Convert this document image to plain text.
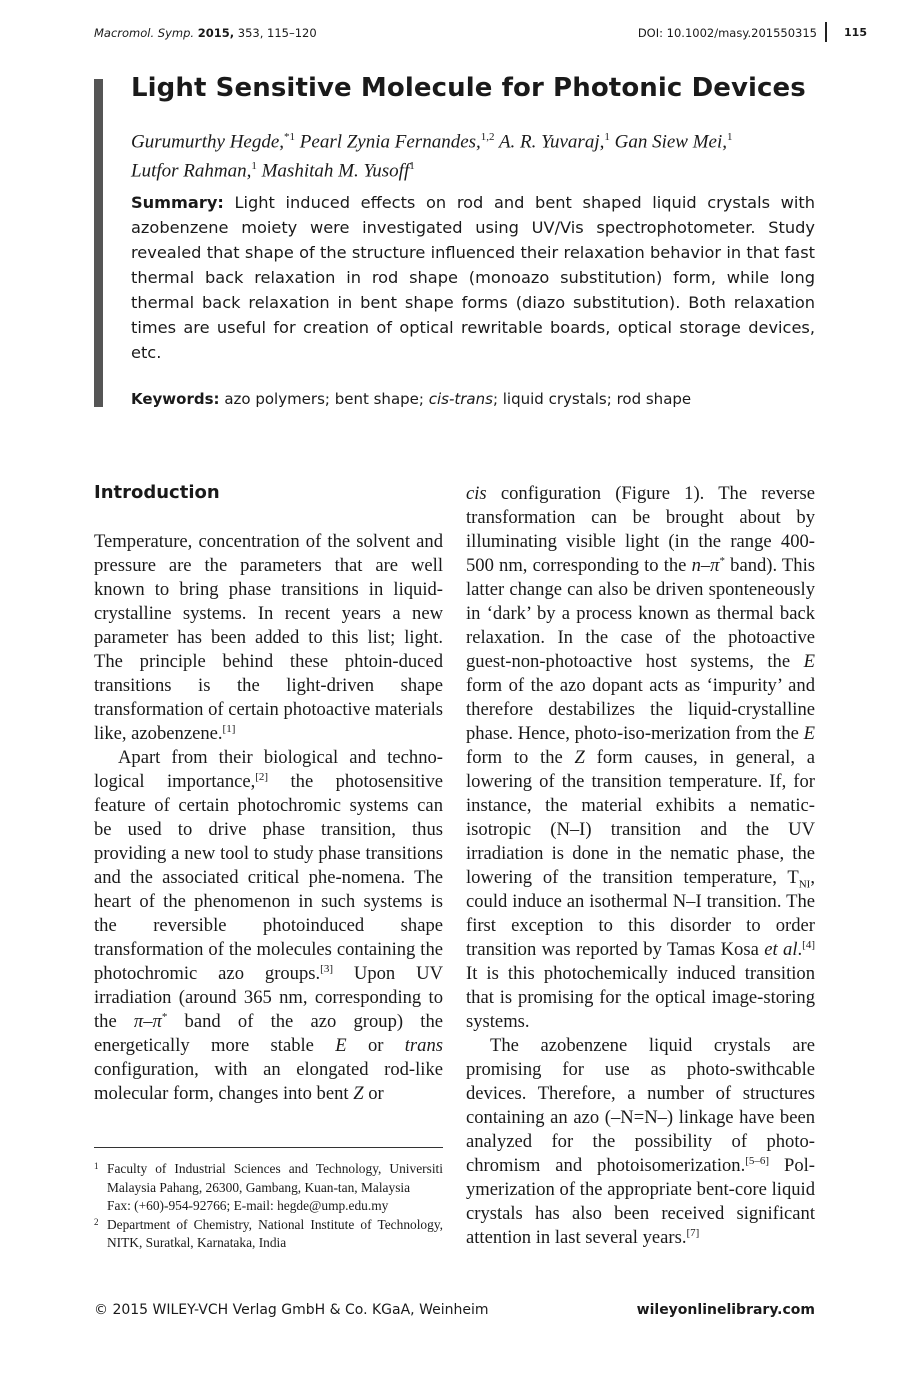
Macromol. Symp. 2015, 353, 115–120	DOI: 10.1002/masy.201550315 115
Light Sensitive Molecule for Photonic Devices
Gurumurthy Hegde,$^{*1}$ Pearl Zynia Fernandes,$^{1,2}$ A. R. Yuvaraj,$^1$ Gan Siew Mei,$^1$
Lutfor Rahman,$^1$ Mashitah M. Yusoff$^1$
Summary: Light induced effects on rod and bent shaped liquid crystals with azobenzene moiety were investigated using UV/Vis spectrophotometer. Study revealed that shape of the structure influenced their relaxation behavior in that fast thermal back relaxation in rod shape (monoazo substitution) form, while long thermal back relaxation in bent shape forms (diazo substitution). Both relaxation times are useful for creation of optical rewritable boards, optical storage devices, etc.
Keywords: azo polymers; bent shape; cis-trans; liquid crystals; rod shape
Introduction

Temperature, concentration of the solvent and pressure are the parameters that are well known to bring phase transitions in liquid-crystalline systems. In recent years a new parameter has been added to this list; light. The principle behind these phtoin-duced transitions is the light-driven shape transformation of certain photoactive materials like, azobenzene.[1]

Apart from their biological and techno-logical importance,[2] the photosensitive feature of certain photochromic systems can be used to drive phase transition, thus providing a new tool to study phase transitions and the associated critical phe-nomena. The heart of the phenomenon in such systems is the reversible photoinduced shape transformation of the molecules containing the photochromic azo groups.[3] Upon UV irradiation (around 365 nm, corresponding to the π–π* band of the azo group) the energetically more stable E or trans configuration, with an elongated rod-like molecular form, changes into bent Z or

cis configuration (Figure 1). The reverse transformation can be brought about by illuminating visible light (in the range 400-500 nm, corresponding to the n–π* band). This latter change can also be driven sponteneously in ‘dark’ by a process known as thermal back relaxation. In the case of the photoactive guest-non-photoactive host systems, the E form of the azo dopant acts as ‘impurity’ and therefore destabilizes the liquid-crystalline phase. Hence, photo-iso-merization from the E form to the Z form causes, in general, a lowering of the transition temperature. If, for instance, the material exhibits a nematic-isotropic (N–I) transition and the UV irradiation is done in the nematic phase, the lowering of the transition temperature, $T_{NI}$, could induce an isothermal N–I transition. The first exception to this disorder to order transition was reported by Tamas Kosa et al.[4] It is this photochemically induced transition that is promising for the optical image-storing systems.

The azobenzene liquid crystals are promising for use as photo-swithcable devices. Therefore, a number of structures containing an azo (–N=N–) linkage have been analyzed for the possibility of photo-chromism and photoisomerization.[5–6] Pol-ymerization of the appropriate bent-core liquid crystals has also been received significant attention in last several years.[7]

1 Faculty of Industrial Sciences and Technology, Universiti Malaysia Pahang, 26300, Gambang, Kuan-tan, Malaysia
Fax: (+60)-954-92766; E-mail: hegde@ump.edu.my
2 Department of Chemistry, National Institute of Technology, NITK, Suratkal, Karnataka, India
© 2015 WILEY-VCH Verlag GmbH & Co. KGaA, Weinheim	wileyonlinelibrary.com
